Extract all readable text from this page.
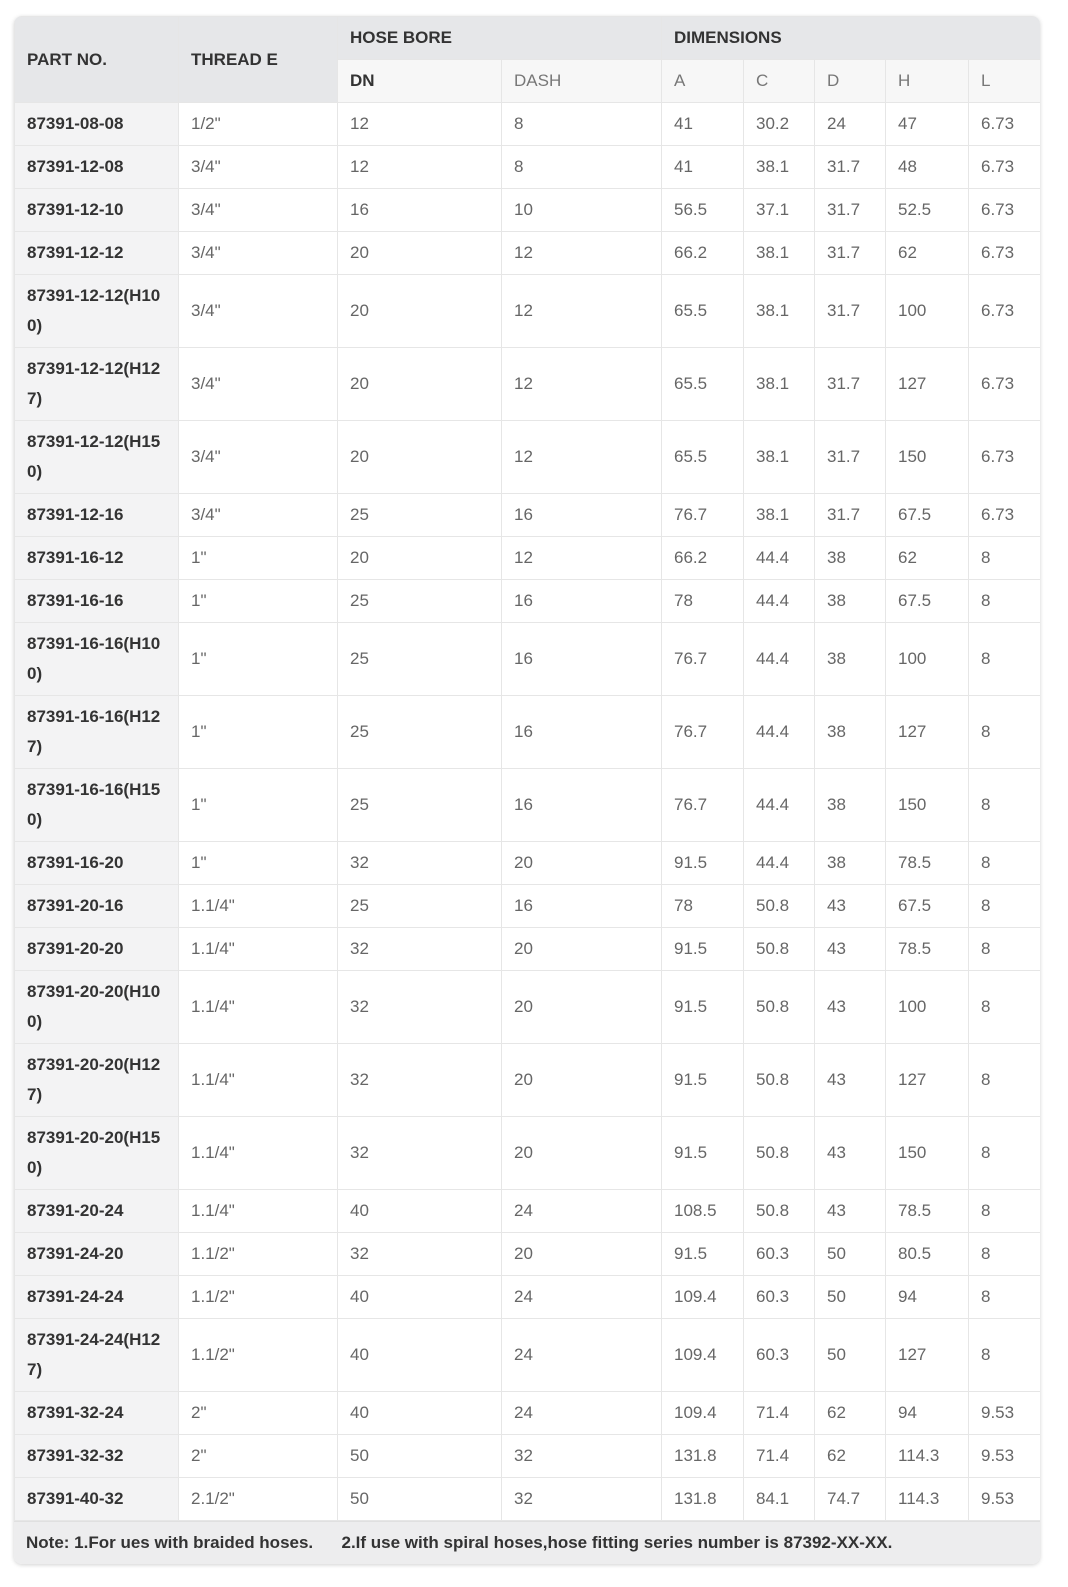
PART NO.	THREAD E	HOSE BORE		DIMENSIONS				
		DN	DASH	A	C	D	H	L
87391-08-08	1/2"	12	8	41	30.2	24	47	6.73
87391-12-08	3/4"	12	8	41	38.1	31.7	48	6.73
87391-12-10	3/4"	16	10	56.5	37.1	31.7	52.5	6.73
87391-12-12	3/4"	20	12	66.2	38.1	31.7	62	6.73
87391-12-12(H100)	3/4"	20	12	65.5	38.1	31.7	100	6.73
87391-12-12(H127)	3/4"	20	12	65.5	38.1	31.7	127	6.73
87391-12-12(H150)	3/4"	20	12	65.5	38.1	31.7	150	6.73
87391-12-16	3/4"	25	16	76.7	38.1	31.7	67.5	6.73
87391-16-12	1"	20	12	66.2	44.4	38	62	8
87391-16-16	1"	25	16	78	44.4	38	67.5	8
87391-16-16(H100)	1"	25	16	76.7	44.4	38	100	8
87391-16-16(H127)	1"	25	16	76.7	44.4	38	127	8
87391-16-16(H150)	1"	25	16	76.7	44.4	38	150	8
87391-16-20	1"	32	20	91.5	44.4	38	78.5	8
87391-20-16	1.1/4"	25	16	78	50.8	43	67.5	8
87391-20-20	1.1/4"	32	20	91.5	50.8	43	78.5	8
87391-20-20(H100)	1.1/4"	32	20	91.5	50.8	43	100	8
87391-20-20(H127)	1.1/4"	32	20	91.5	50.8	43	127	8
87391-20-20(H150)	1.1/4"	32	20	91.5	50.8	43	150	8
87391-20-24	1.1/4"	40	24	108.5	50.8	43	78.5	8
87391-24-20	1.1/2"	32	20	91.5	60.3	50	80.5	8
87391-24-24	1.1/2"	40	24	109.4	60.3	50	94	8
87391-24-24(H127)	1.1/2"	40	24	109.4	60.3	50	127	8
87391-32-24	2"	40	24	109.4	71.4	62	94	9.53
87391-32-32	2"	50	32	131.8	71.4	62	114.3	9.53
87391-40-32	2.1/2"	50	32	131.8	84.1	74.7	114.3	9.53
Note: 1.For ues with braided hoses.      2.If use with spiral hoses,hose fitting series number is 87392-XX-XX.
